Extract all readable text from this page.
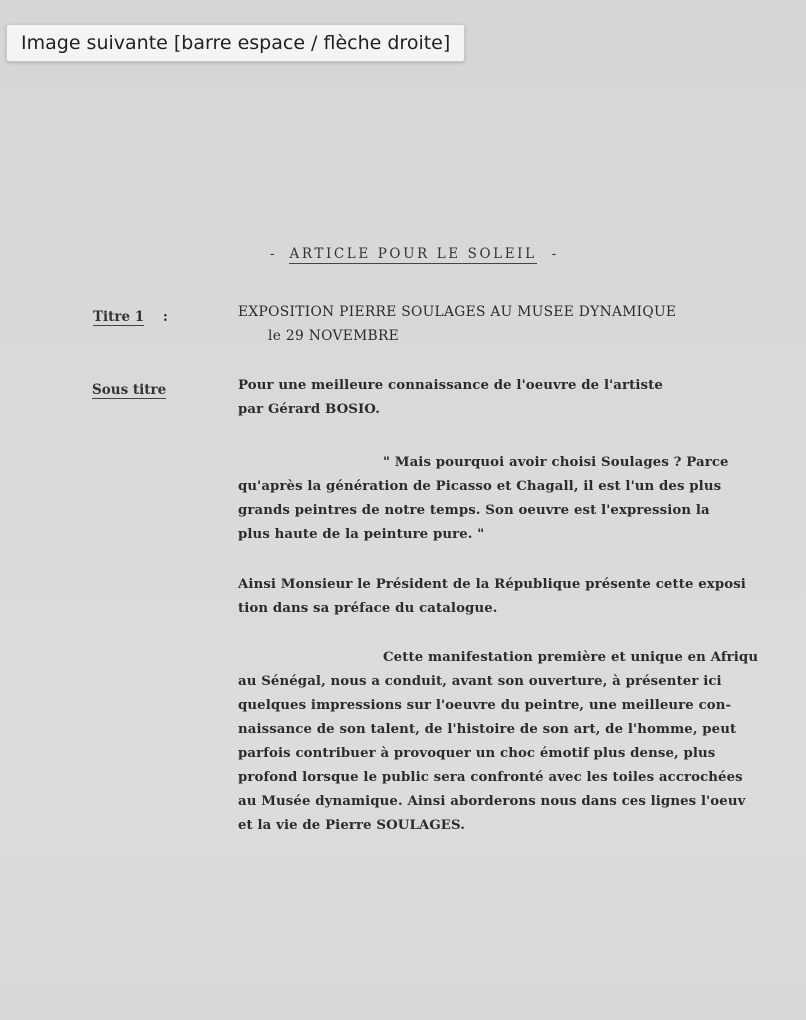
- ARTICLE POUR LE SOLEIL -
Titre 1 :	EXPOSITION PIERRE SOULAGES AU MUSEE DYNAMIQUE
le 29 NOVEMBRE
Sous titre	Pour une meilleure connaissance de l'oeuvre de l'artiste
par Gérard BOSIO.
" Mais pourquoi avoir choisi Soulages ? Parce
qu'après la génération de Picasso et Chagall, il est l'un des plus
grands peintres de notre temps. Son oeuvre est l'expression la
plus haute de la peinture pure. "
Ainsi Monsieur le Président de la République présente cette exposi
tion dans sa préface du catalogue.
Cette manifestation première et unique en Afriqu
au Sénégal, nous a conduit, avant son ouverture, à présenter ici
quelques impressions sur l'oeuvre du peintre, une meilleure con-
naissance de son talent, de l'histoire de son art, de l'homme, peut
parfois contribuer à provoquer un choc émotif plus dense, plus
profond lorsque le public sera confronté avec les toiles accrochées
au Musée dynamique. Ainsi aborderons nous dans ces lignes l'oeuv
et la vie de Pierre SOULAGES.
Image suivante [barre espace / flèche droite]
